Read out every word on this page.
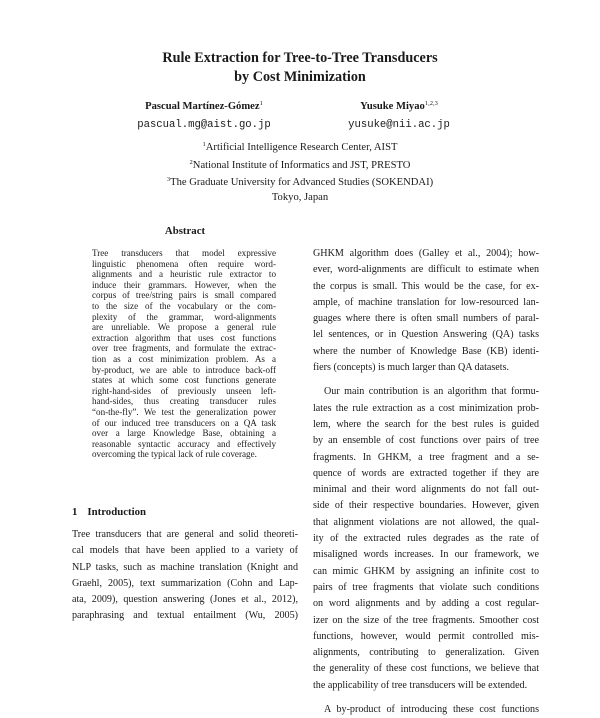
Rule Extraction for Tree-to-Tree Transducers
by Cost Minimization
Pascual Martínez-Gómez$^1$
pascual.mg@aist.go.jp
Yusuke Miyao$^{1,2,3}$
yusuke@nii.ac.jp
$^1$Artificial Intelligence Research Center, AIST
$^2$National Institute of Informatics and JST, PRESTO
$^3$The Graduate University for Advanced Studies (SOKENDAI)
Tokyo, Japan
Abstract
Tree transducers that model expressive
linguistic phenomena often require word-
alignments and a heuristic rule extractor to
induce their grammars. However, when the
corpus of tree/string pairs is small compared
to the size of the vocabulary or the com-
plexity of the grammar, word-alignments
are unreliable. We propose a general rule
extraction algorithm that uses cost functions
over tree fragments, and formulate the extrac-
tion as a cost minimization problem. As a
by-product, we are able to introduce back-off
states at which some cost functions generate
right-hand-sides of previously unseen left-
hand-sides, thus creating transducer rules
“on-the-fly”. We test the generalization power
of our induced tree transducers on a QA task
over a large Knowledge Base, obtaining a
reasonable syntactic accuracy and effectively
overcoming the typical lack of rule coverage.
1 Introduction
Tree transducers that are general and solid theoreti-
cal models that have been applied to a variety of
NLP tasks, such as machine translation (Knight and
Graehl, 2005), text summarization (Cohn and Lap-
ata, 2009), question answering (Jones et al., 2012),
paraphrasing and textual entailment (Wu, 2005)
GHKM algorithm does (Galley et al., 2004); how-
ever, word-alignments are difficult to estimate when
the corpus is small. This would be the case, for ex-
ample, of machine translation for low-resourced lan-
guages where there is often small numbers of paral-
lel sentences, or in Question Answering (QA) tasks
where the number of Knowledge Base (KB) identi-
fiers (concepts) is much larger than QA datasets.
Our main contribution is an algorithm that formu-
lates the rule extraction as a cost minimization prob-
lem, where the search for the best rules is guided
by an ensemble of cost functions over pairs of tree
fragments. In GHKM, a tree fragment and a se-
quence of words are extracted together if they are
minimal and their word alignments do not fall out-
side of their respective boundaries. However, given
that alignment violations are not allowed, the qual-
ity of the extracted rules degrades as the rate of
misaligned words increases. In our framework, we
can mimic GHKM by assigning an infinite cost to
pairs of tree fragments that violate such conditions
on word alignments and by adding a cost regular-
izer on the size of the tree fragments. Smoother cost
functions, however, would permit controlled mis-
alignments, contributing to generalization. Given
the generality of these cost functions, we believe that
the applicability of tree transducers will be extended.
A by-product of introducing these cost functions
